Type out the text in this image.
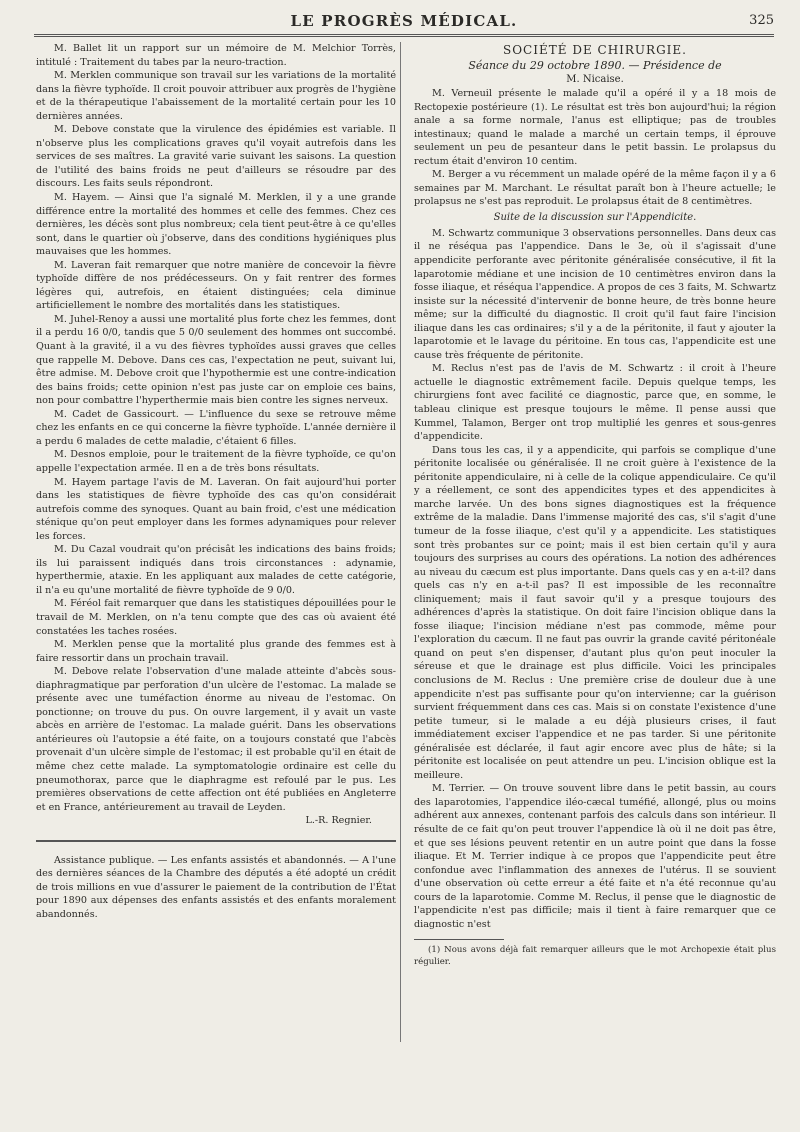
LE PROGRÈS MÉDICAL.	325

M. Ballet lit un rapport sur un mémoire de M. Melchior Torrès, intitulé : Traitement du tabes par la neuro-traction.

M. Merklen communique son travail sur les variations de la mortalité dans la fièvre typhoïde. Il croit pouvoir attribuer aux progrès de l'hygiène et de la thérapeutique l'abaissement de la mortalité certain pour les 10 dernières années.

M. Debove constate que la virulence des épidémies est variable. Il n'observe plus les complications graves qu'il voyait autrefois dans les services de ses maîtres. La gravité varie suivant les saisons. La question de l'utilité des bains froids ne peut d'ailleurs se résoudre par des discours. Les faits seuls répondront.

M. Hayem. — Ainsi que l'a signalé M. Merklen, il y a une grande différence entre la mortalité des hommes et celle des femmes. Chez ces dernières, les décès sont plus nombreux; cela tient peut-être à ce qu'elles sont, dans le quartier où j'observe, dans des conditions hygiéniques plus mauvaises que les hommes.

M. Laveran fait remarquer que notre manière de concevoir la fièvre typhoïde diffère de nos prédécesseurs. On y fait rentrer des formes légères qui, autrefois, en étaient distinguées; cela diminue artificiellement le nombre des mortalités dans les statistiques.

M. Juhel-Renoy a aussi une mortalité plus forte chez les femmes, dont il a perdu 16 0/0, tandis que 5 0/0 seulement des hommes ont succombé. Quant à la gravité, il a vu des fièvres typhoïdes aussi graves que celles que rappelle M. Debove. Dans ces cas, l'expectation ne peut, suivant lui, être admise. M. Debove croit que l'hypothermie est une contre-indication des bains froids; cette opinion n'est pas juste car on emploie ces bains, non pour combattre l'hyperthermie mais bien contre les signes nerveux.

M. Cadet de Gassicourt. — L'influence du sexe se retrouve même chez les enfants en ce qui concerne la fièvre typhoïde. L'année dernière il a perdu 6 malades de cette maladie, c'étaient 6 filles.

M. Desnos emploie, pour le traitement de la fièvre typhoïde, ce qu'on appelle l'expectation armée. Il en a de très bons résultats.

M. Hayem partage l'avis de M. Laveran. On fait aujourd'hui porter dans les statistiques de fièvre typhoïde des cas qu'on considérait autrefois comme des synoques. Quant au bain froid, c'est une médication sténique qu'on peut employer dans les formes adynamiques pour relever les forces.

M. Du Cazal voudrait qu'on précisât les indications des bains froids; ils lui paraissent indiqués dans trois circonstances : adynamie, hyperthermie, ataxie. En les appliquant aux malades de cette catégorie, il n'a eu qu'une mortalité de fièvre typhoïde de 9 0/0.

M. Féréol fait remarquer que dans les statistiques dépouillées pour le travail de M. Merklen, on n'a tenu compte que des cas où avaient été constatées les taches rosées.

M. Merklen pense que la mortalité plus grande des femmes est à faire ressortir dans un prochain travail.

M. Debove relate l'observation d'une malade atteinte d'abcès sous-diaphragmatique par perforation d'un ulcère de l'estomac. La malade se présente avec une tuméfaction énorme au niveau de l'estomac. On ponctionne; on trouve du pus. On ouvre largement, il y avait un vaste abcès en arrière de l'estomac. La malade guérit. Dans les observations antérieures où l'autopsie a été faite, on a toujours constaté que l'abcès provenait d'un ulcère simple de l'estomac; il est probable qu'il en était de même chez cette malade. La symptomatologie ordinaire est celle du pneumothorax, parce que le diaphragme est refoulé par le pus. Les premières observations de cette affection ont été publiées en Angleterre et en France, antérieurement au travail de Leyden.

L.-R. Regnier.

Assistance publique. — Les enfants assistés et abandonnés. — A l'une des dernières séances de la Chambre des députés a été adopté un crédit de trois millions en vue d'assurer le paiement de la contribution de l'État pour 1890 aux dépenses des enfants assistés et des enfants moralement abandonnés.

SOCIÉTÉ DE CHIRURGIE.
Séance du 29 octobre 1890. — Présidence de
M. Nicaise.

M. Verneuil présente le malade qu'il a opéré il y a 18 mois de Rectopexie postérieure (1). Le résultat est très bon aujourd'hui; la région anale a sa forme normale, l'anus est elliptique; pas de troubles intestinaux; quand le malade a marché un certain temps, il éprouve seulement un peu de pesanteur dans le petit bassin. Le prolapsus du rectum était d'environ 10 centim.

M. Berger a vu récemment un malade opéré de la même façon il y a 6 semaines par M. Marchant. Le résultat paraît bon à l'heure actuelle; le prolapsus ne s'est pas reproduit. Le prolapsus était de 8 centimètres.

Suite de la discussion sur l'Appendicite.

M. Schwartz communique 3 observations personnelles. Dans deux cas il ne réséqua pas l'appendice. Dans le 3e, où il s'agissait d'une appendicite perforante avec péritonite généralisée consécutive, il fit la laparotomie médiane et une incision de 10 centimètres environ dans la fosse iliaque, et réséqua l'appendice. A propos de ces 3 faits, M. Schwartz insiste sur la nécessité d'intervenir de bonne heure, de très bonne heure même; sur la difficulté du diagnostic. Il croit qu'il faut faire l'incision iliaque dans les cas ordinaires; s'il y a de la péritonite, il faut y ajouter la laparotomie et le lavage du péritoine. En tous cas, l'appendicite est une cause très fréquente de péritonite.

M. Reclus n'est pas de l'avis de M. Schwartz : il croit à l'heure actuelle le diagnostic extrêmement facile. Depuis quelque temps, les chirurgiens font avec facilité ce diagnostic, parce que, en somme, le tableau clinique est presque toujours le même. Il pense aussi que Kummel, Talamon, Berger ont trop multiplié les genres et sous-genres d'appendicite.

Dans tous les cas, il y a appendicite, qui parfois se complique d'une péritonite localisée ou généralisée. Il ne croit guère à l'existence de la péritonite appendiculaire, ni à celle de la colique appendiculaire. Ce qu'il y a réellement, ce sont des appendicites types et des appendicites à marche larvée. Un des bons signes diagnostiques est la fréquence extrême de la maladie. Dans l'immense majorité des cas, s'il s'agit d'une tumeur de la fosse iliaque, c'est qu'il y a appendicite. Les statistiques sont très probantes sur ce point; mais il est bien certain qu'il y aura toujours des surprises au cours des opérations. La notion des adhérences au niveau du cæcum est plus importante. Dans quels cas y en a-t-il? dans quels cas n'y en a-t-il pas? Il est impossible de les reconnaître cliniquement; mais il faut savoir qu'il y a presque toujours des adhérences d'après la statistique. On doit faire l'incision oblique dans la fosse iliaque; l'incision médiane n'est pas commode, même pour l'exploration du cæcum. Il ne faut pas ouvrir la grande cavité péritonéale quand on peut s'en dispenser, d'autant plus qu'on peut inoculer la séreuse et que le drainage est plus difficile. Voici les principales conclusions de M. Reclus : Une première crise de douleur due à une appendicite n'est pas suffisante pour qu'on intervienne; car la guérison survient fréquemment dans ces cas. Mais si on constate l'existence d'une petite tumeur, si le malade a eu déjà plusieurs crises, il faut immédiatement exciser l'appendice et ne pas tarder. Si une péritonite généralisée est déclarée, il faut agir encore avec plus de hâte; si la péritonite est localisée on peut attendre un peu. L'incision oblique est la meilleure.

M. Terrier. — On trouve souvent libre dans le petit bassin, au cours des laparotomies, l'appendice iléo-cæcal tuméfié, allongé, plus ou moins adhérent aux annexes, contenant parfois des calculs dans son intérieur. Il résulte de ce fait qu'on peut trouver l'appendice là où il ne doit pas être, et que ses lésions peuvent retentir en un autre point que dans la fosse iliaque. Et M. Terrier indique à ce propos que l'appendicite peut être confondue avec l'inflammation des annexes de l'utérus. Il se souvient d'une observation où cette erreur a été faite et n'a été reconnue qu'au cours de la laparotomie. Comme M. Reclus, il pense que le diagnostic de l'appendicite n'est pas difficile; mais il tient à faire remarquer que ce diagnostic n'est

(1) Nous avons déjà fait remarquer ailleurs que le mot Archopexie était plus régulier.
